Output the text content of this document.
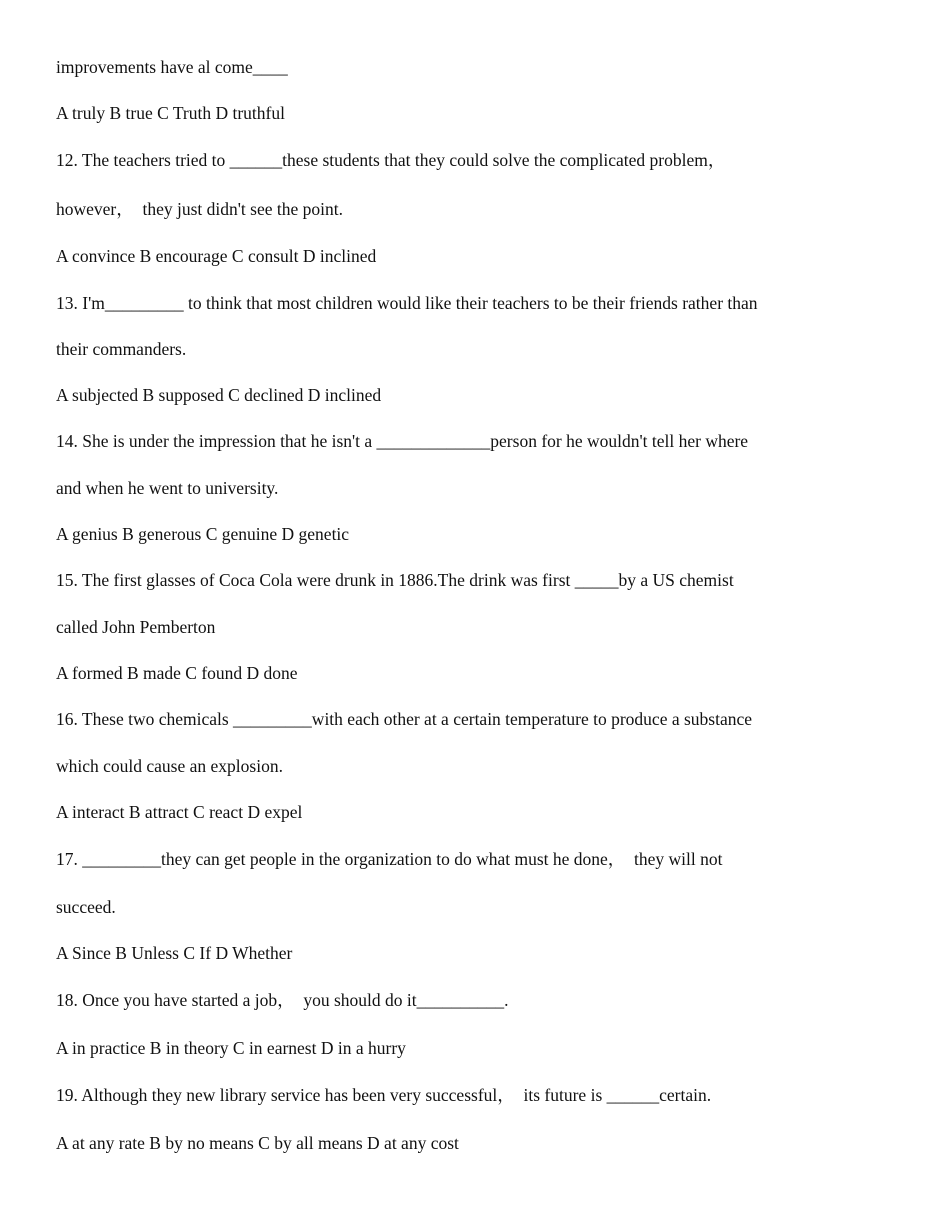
improvements have al come____
A truly B true C Truth D truthful
12. The teachers tried to ______these students that they could solve the complicated problem，
however，  they just didn't see the point.
A convince B encourage C consult D inclined
13. I'm_________ to think that most children would like their teachers to be their friends rather than
their commanders.
A subjected B supposed C declined D inclined
14. She is under the impression that he isn't a _____________person for he wouldn't tell her where
and when he went to university.
A genius B generous C genuine D genetic
15. The first glasses of Coca Cola were drunk in 1886.The drink was first _____by a US chemist
called John Pemberton
A formed B made C found D done
16. These two chemicals _________with each other at a certain temperature to produce a substance
which could cause an explosion.
A interact B attract C react D expel
17. _________they can get people in the organization to do what must he done，  they will not
succeed.
A Since B Unless C If D Whether
18. Once you have started a job，  you should do it__________.
A in practice B in theory C in earnest D in a hurry
19. Although they new library service has been very successful，  its future is ______certain.
A at any rate B by no means C by all means D at any cost
